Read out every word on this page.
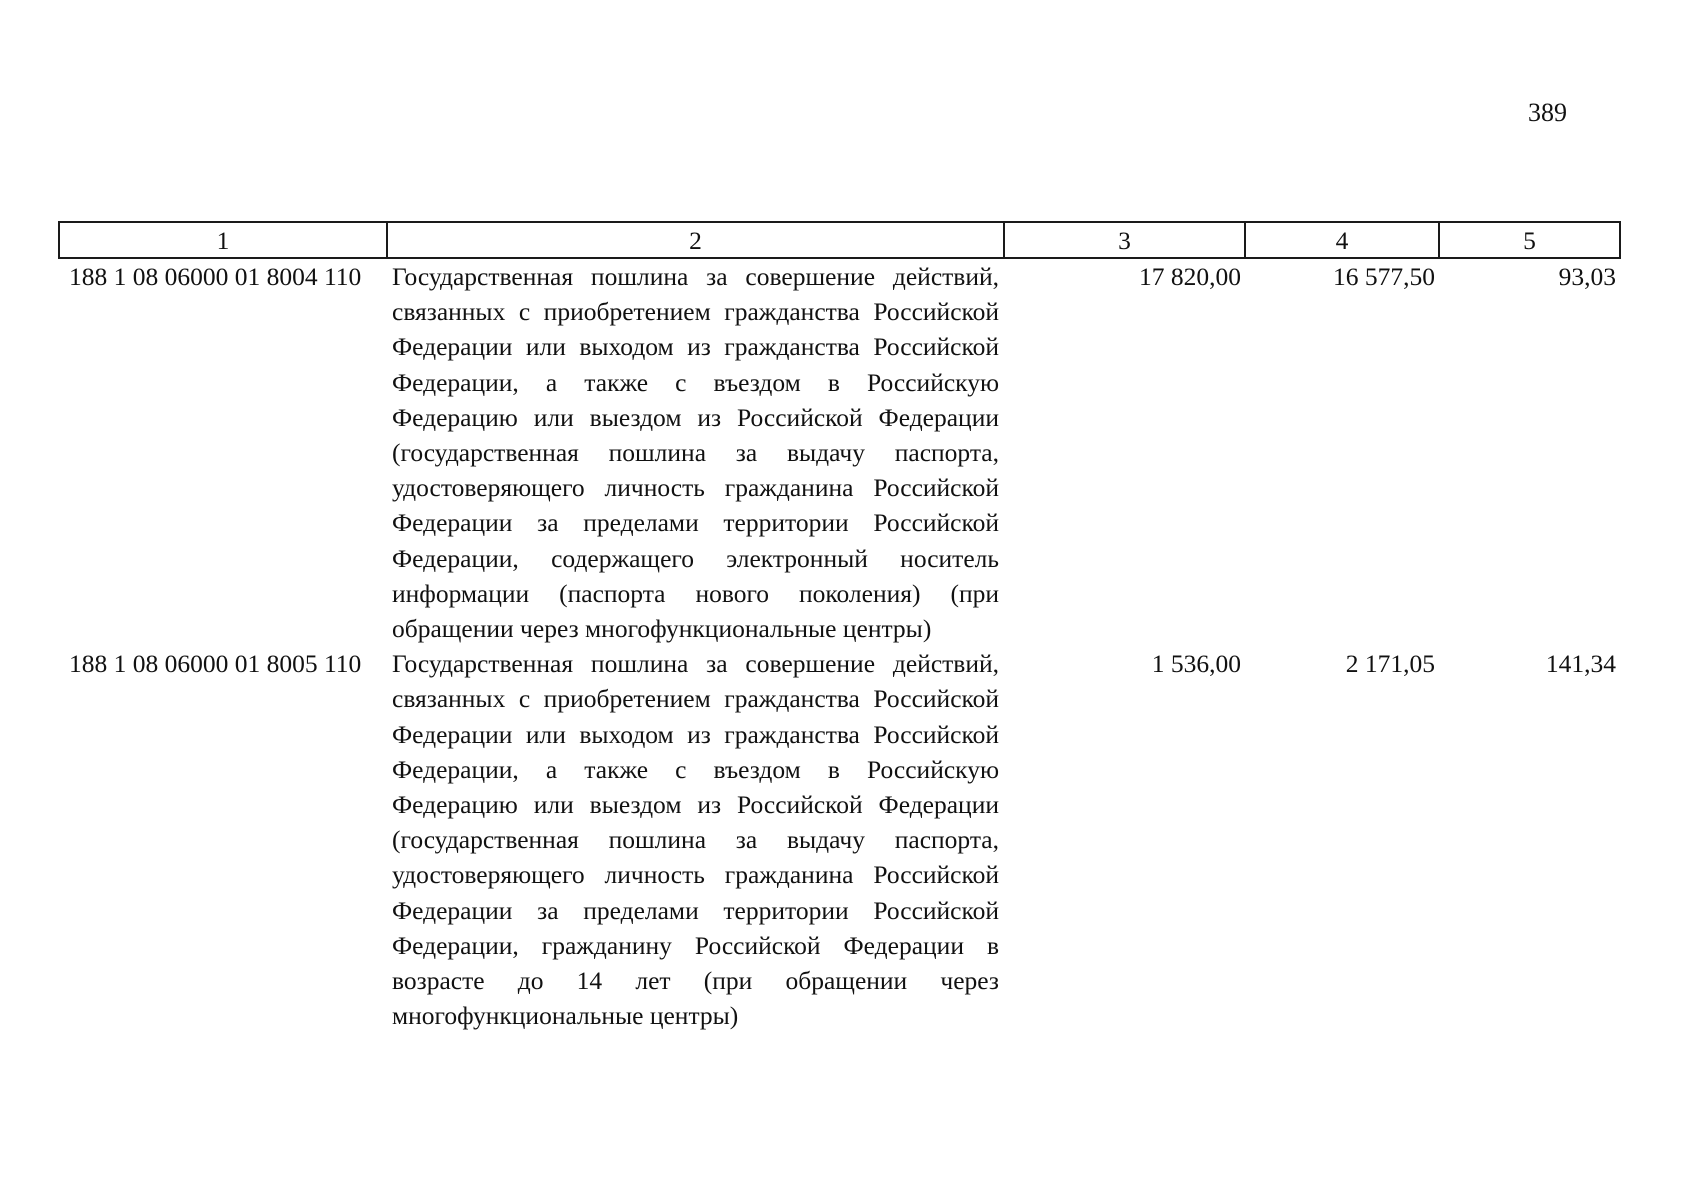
389
1	2	3	4	5
188 1 08 06000 01 8004 110	Государственная пошлина за совершение действий, связанных с приобретением гражданства Российской Федерации или выходом из гражданства Российской Федерации, а также с въездом в Российскую Федерацию или выездом из Российской Федерации (государственная пошлина за выдачу паспорта, удостоверяющего личность гражданина Российской Федерации за пределами территории Российской Федерации, содержащего электронный носитель информации (паспорта нового поколения) (при обращении через многофункциональные центры)	17 820,00	16 577,50	93,03
188 1 08 06000 01 8005 110	Государственная пошлина за совершение действий, связанных с приобретением гражданства Российской Федерации или выходом из гражданства Российской Федерации, а также с въездом в Российскую Федерацию или выездом из Российской Федерации (государственная пошлина за выдачу паспорта, удостоверяющего личность гражданина Российской Федерации за пределами территории Российской Федерации, гражданину Российской Федерации в возрасте до 14 лет (при обращении через многофункциональные центры)	1 536,00	2 171,05	141,34
